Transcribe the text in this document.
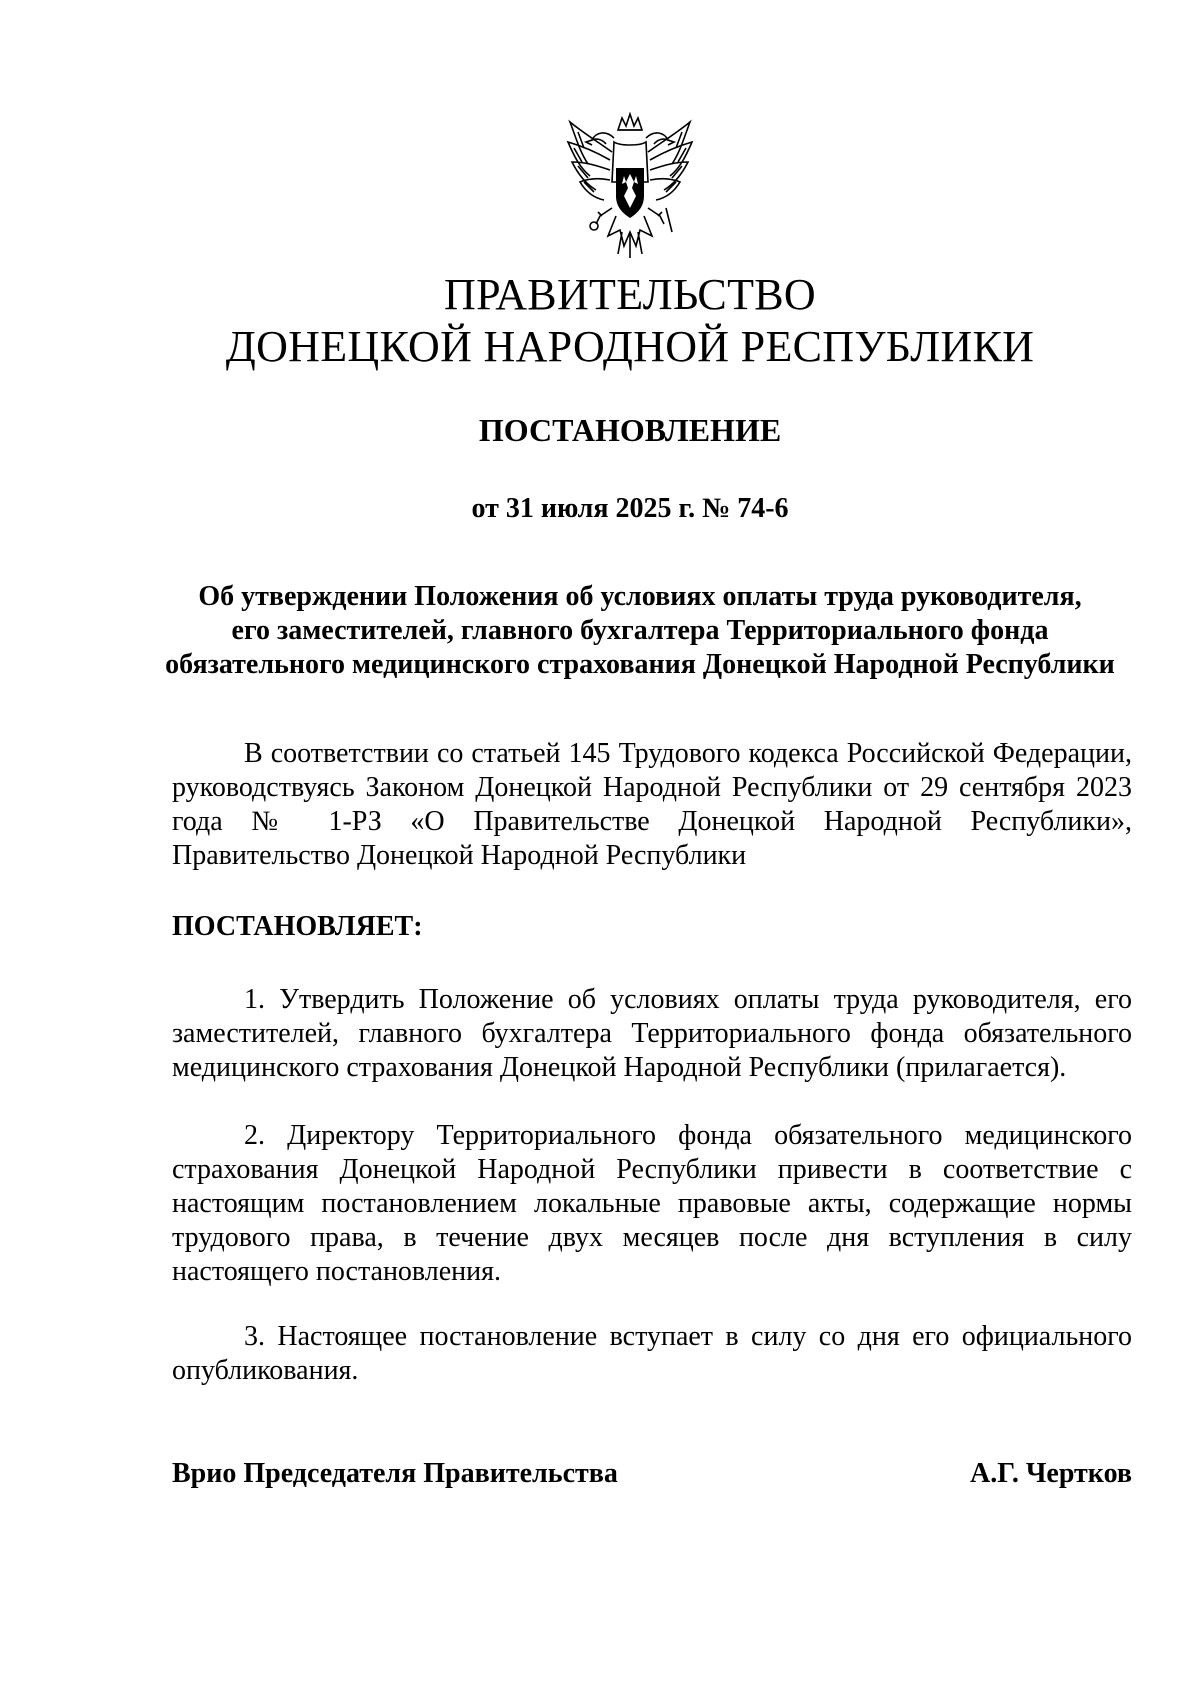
ПРАВИТЕЛЬСТВО
ДОНЕЦКОЙ НАРОДНОЙ РЕСПУБЛИКИ
ПОСТАНОВЛЕНИЕ

от 31 июля 2025 г. № 74-6

Об утверждении Положения об условиях оплаты труда руководителя,
его заместителей, главного бухгалтера Территориального фонда
обязательного медицинского страхования Донецкой Народной Республики

В соответствии со статьей 145 Трудового кодекса Российской Федерации, руководствуясь Законом Донецкой Народной Республики от 29 сентября 2023 года № 1-РЗ «О Правительстве Донецкой Народной Республики», Правительство Донецкой Народной Республики

ПОСТАНОВЛЯЕТ:

1. Утвердить Положение об условиях оплаты труда руководителя, его заместителей, главного бухгалтера Территориального фонда обязательного медицинского страхования Донецкой Народной Республики (прилагается).

2. Директору Территориального фонда обязательного медицинского страхования Донецкой Народной Республики привести в соответствие с настоящим постановлением локальные правовые акты, содержащие нормы трудового права, в течение двух месяцев после дня вступления в силу настоящего постановления.

3. Настоящее постановление вступает в силу со дня его официального опубликования.

Врио Председателя Правительства	А.Г. Чертков
